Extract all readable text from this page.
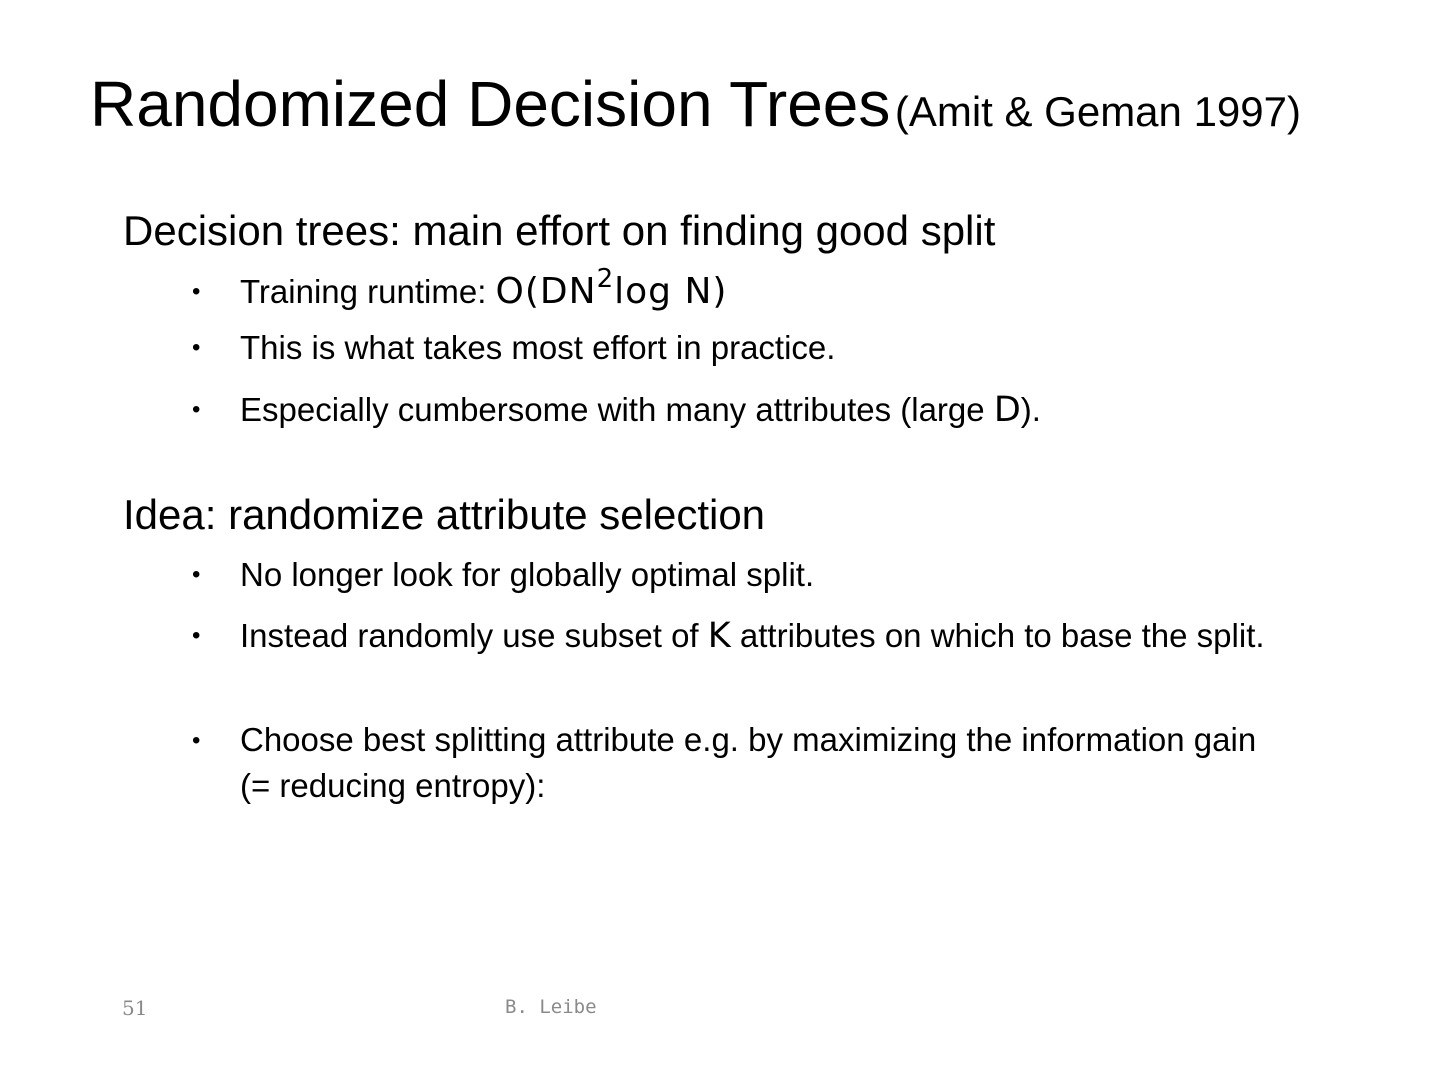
Randomized Decision Trees (Amit & Geman 1997)
Decision trees: main effort on finding good split
• Training runtime: $O(DN^2\log$ N)
• This is what takes most effort in practice.
• Especially cumbersome with many attributes (large D).
Idea: randomize attribute selection
• No longer look for globally optimal split.
• Instead randomly use subset of K attributes on which to base the split.
• Choose best splitting attribute e.g. by maximizing the information gain (= reducing entropy):
51	B. Leibe
